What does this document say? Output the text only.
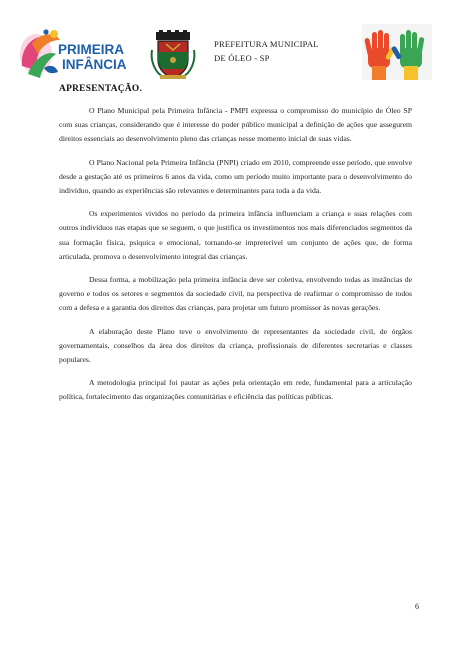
PRIMEIRA
INFÂNCIA
PREFEITURA MUNICIPAL
DE ÓLEO - SP
APRESENTAÇÃO.

O Plano Municipal pela Primeira Infância - PMPI expressa o compromisso do município de Óleo SP com suas crianças, considerando que é interesse do poder público municipal a definição de ações que assegurem direitos essenciais ao desenvolvimento pleno das crianças nesse momento inicial de suas vidas.

O Plano Nacional pela Primeira Infância (PNPI) criado em 2010, compreende esse período, que envolve desde a gestação até os primeiros 6 anos da vida, como um período muito importante para o desenvolvimento do indivíduo, quando as experiências são relevantes e determinantes para toda a da vida.

Os experimentos vividos no período da primeira infância influenciam a criança e suas relações com outros indivíduos nas etapas que se seguem, o que justifica os investimentos nos mais diferenciados segmentos da sua formação física, psíquica e emocional, tornando-se impreterível um conjunto de ações que, de forma articulada, promova o desenvolvimento integral das crianças.

Dessa forma, a mobilização pela primeira infância deve ser coletiva, envolvendo todas as instâncias de governo e todos os setores e segmentos da sociedade civil, na perspectiva de reafirmar o compromisso de todos com a defesa e a garantia dos direitos das crianças, para projetar um futuro promissor às novas gerações.

A elaboração deste Plano teve o envolvimento de representantes da sociedade civil, de órgãos governamentais, conselhos da área dos direitos da criança, profissionais de diferentes secretarias e classes populares.

A metodologia principal foi pautar as ações pela orientação em rede, fundamental para a articulação política, fortalecimento das organizações comunitárias e eficiência das políticas públicas.

6
